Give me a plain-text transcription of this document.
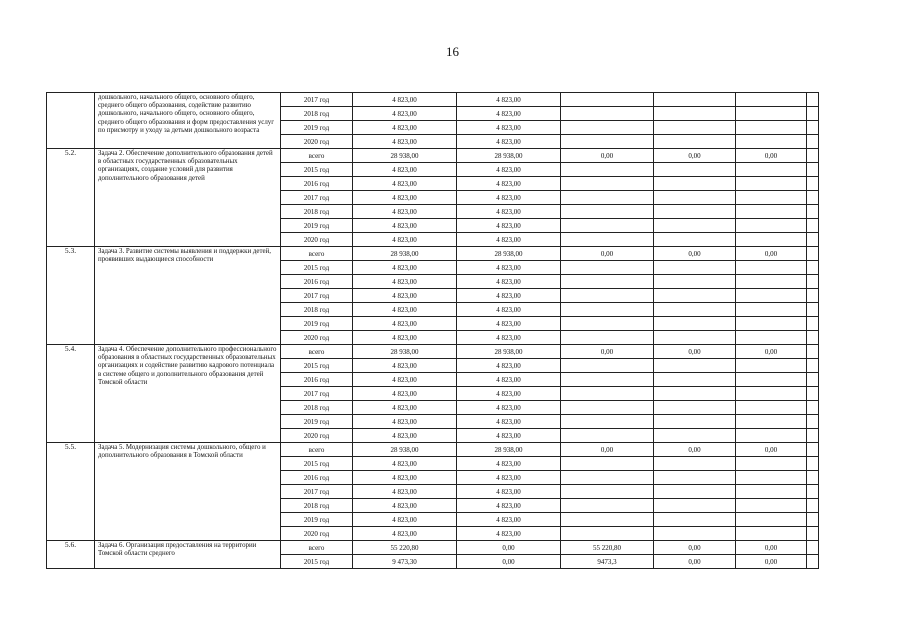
16
	дошкольного, начального общего, основного общего, среднего общего образования, содействие развитию дошкольного, начального общего, основного общего, среднего общего образования и форм предоставления услуг по присмотру и уходу за детьми дошкольного возраста	2017 год	4 823,00	4 823,00				
		2018 год	4 823,00	4 823,00				
		2019 год	4 823,00	4 823,00				
		2020 год	4 823,00	4 823,00				
5.2.	Задача 2. Обеспечение дополнительного образования детей в областных государственных образовательных организациях, создание условий для развития дополнительного образования детей	всего	28 938,00	28 938,00	0,00	0,00	0,00	
		2015 год	4 823,00	4 823,00				
		2016 год	4 823,00	4 823,00				
		2017 год	4 823,00	4 823,00				
		2018 год	4 823,00	4 823,00				
		2019 год	4 823,00	4 823,00				
		2020 год	4 823,00	4 823,00				
5.3.	Задача 3. Развитие системы выявления и поддержки детей, проявивших выдающиеся способности	всего	28 938,00	28 938,00	0,00	0,00	0,00	
		2015 год	4 823,00	4 823,00				
		2016 год	4 823,00	4 823,00				
		2017 год	4 823,00	4 823,00				
		2018 год	4 823,00	4 823,00				
		2019 год	4 823,00	4 823,00				
		2020 год	4 823,00	4 823,00				
5.4.	Задача 4. Обеспечение дополнительного профессионального образования в областных государственных образовательных организациях и содействие развитию кадрового потенциала в системе общего и дополнительного образования детей Томской области	всего	28 938,00	28 938,00	0,00	0,00	0,00	
		2015 год	4 823,00	4 823,00				
		2016 год	4 823,00	4 823,00				
		2017 год	4 823,00	4 823,00				
		2018 год	4 823,00	4 823,00				
		2019 год	4 823,00	4 823,00				
		2020 год	4 823,00	4 823,00				
5.5.	Задача 5. Модернизация системы дошкольного, общего и дополнительного образования в Томской области	всего	28 938,00	28 938,00	0,00	0,00	0,00	
		2015 год	4 823,00	4 823,00				
		2016 год	4 823,00	4 823,00				
		2017 год	4 823,00	4 823,00				
		2018 год	4 823,00	4 823,00				
		2019 год	4 823,00	4 823,00				
		2020 год	4 823,00	4 823,00				
5.6.	Задача 6. Организация предоставления на территории Томской области среднего	всего	55 220,80	0,00	55 220,80	0,00	0,00	
		2015 год	9 473,30	0,00	9473,3	0,00	0,00	
